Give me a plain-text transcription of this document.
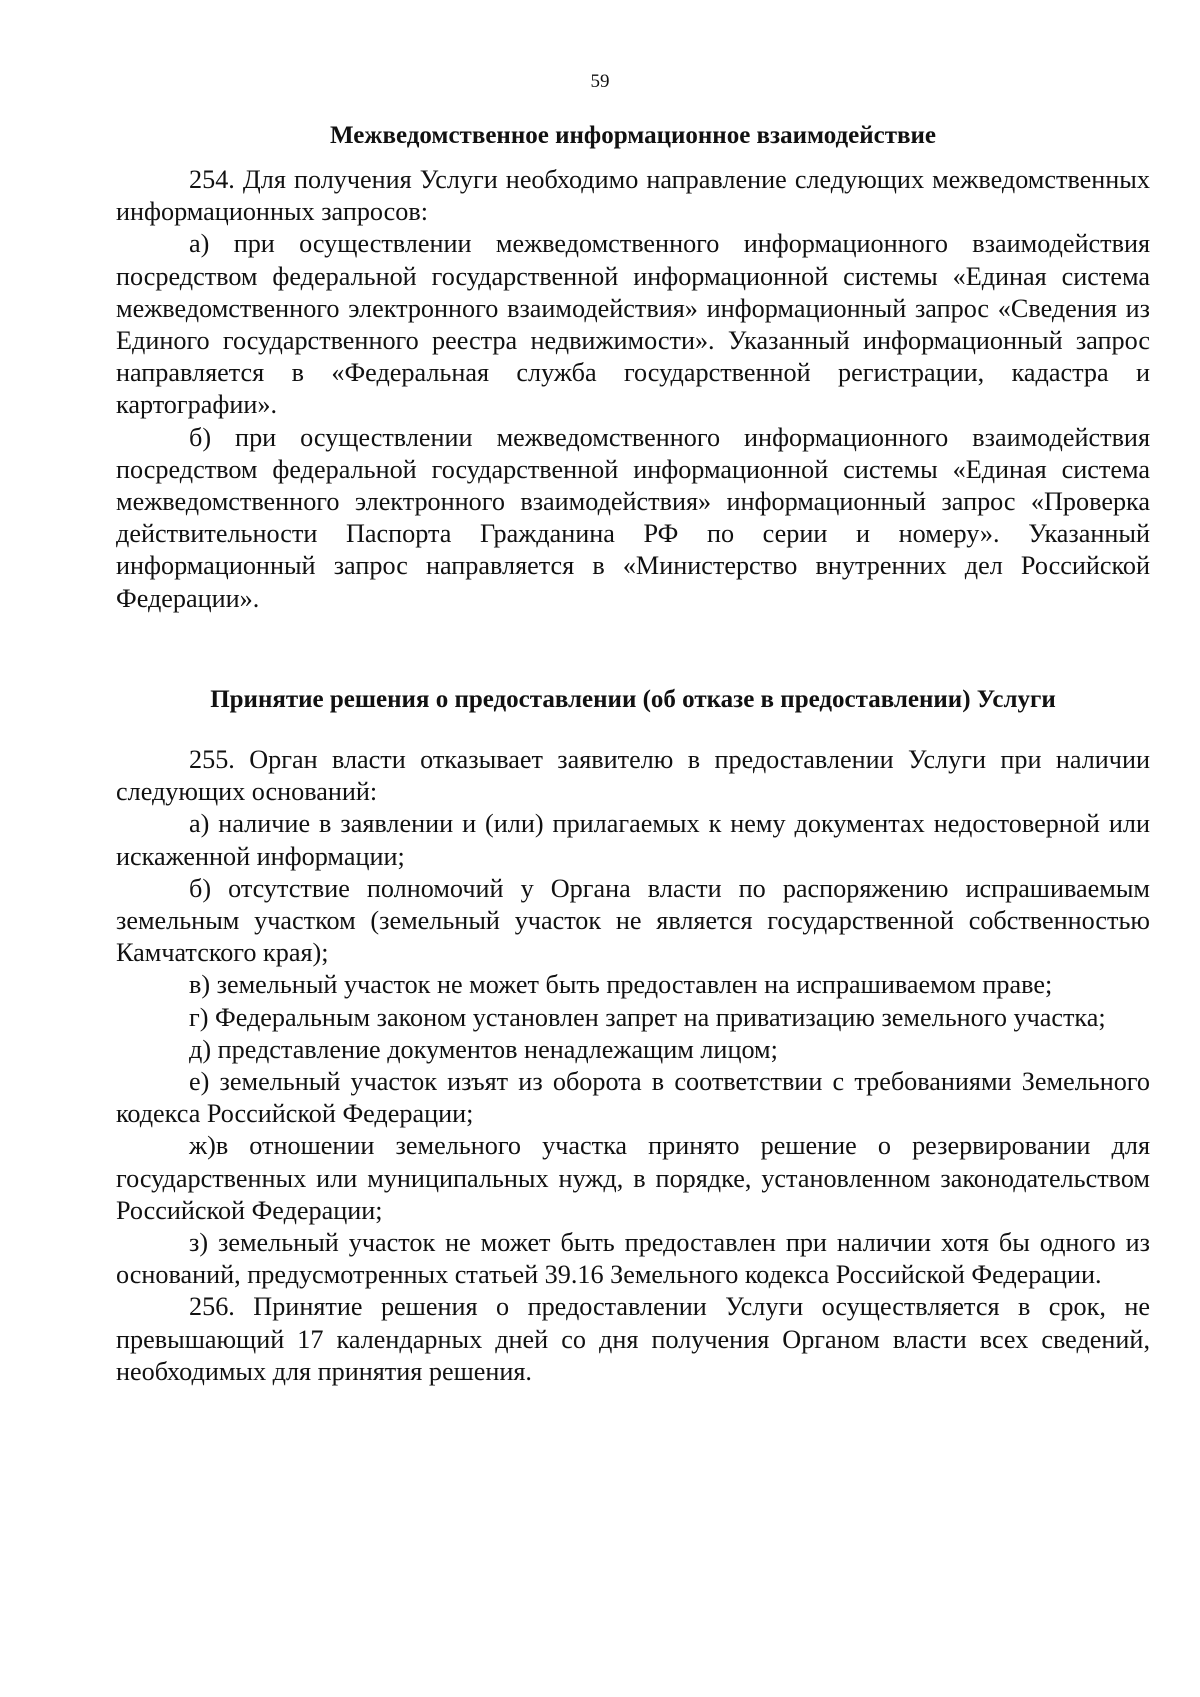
59
Межведомственное информационное взаимодействие

254. Для получения Услуги необходимо направление следующих межведомственных информационных запросов:

а) при осуществлении межведомственного информационного взаимодействия посредством федеральной государственной информационной системы «Единая система межведомственного электронного взаимодействия» информационный запрос «Сведения из Единого государственного реестра недвижимости». Указанный информационный запрос направляется в «Федеральная служба государственной регистрации, кадастра и картографии».

б) при осуществлении межведомственного информационного взаимодействия посредством федеральной государственной информационной системы «Единая система межведомственного электронного взаимодействия» информационный запрос «Проверка действительности Паспорта Гражданина РФ по серии и номеру». Указанный информационный запрос направляется в «Министерство внутренних дел Российской Федерации».

Принятие решения о предоставлении (об отказе в предоставлении) Услуги

255. Орган власти отказывает заявителю в предоставлении Услуги при наличии следующих оснований:

а) наличие в заявлении и (или) прилагаемых к нему документах недостоверной или искаженной информации;

б) отсутствие полномочий у Органа власти по распоряжению испрашиваемым земельным участком (земельный участок не является государственной собственностью Камчатского края);

в) земельный участок не может быть предоставлен на испрашиваемом праве;

г) Федеральным законом установлен запрет на приватизацию земельного участка;

д) представление документов ненадлежащим лицом;

е) земельный участок изъят из оборота в соответствии с требованиями Земельного кодекса Российской Федерации;

ж)в отношении земельного участка принято решение о резервировании для государственных или муниципальных нужд, в порядке, установленном законодательством Российской Федерации;

з) земельный участок не может быть предоставлен при наличии хотя бы одного из оснований, предусмотренных статьей 39.16 Земельного кодекса Российской Федерации.

256. Принятие решения о предоставлении Услуги осуществляется в срок, не превышающий 17 календарных дней со дня получения Органом власти всех сведений, необходимых для принятия решения.
